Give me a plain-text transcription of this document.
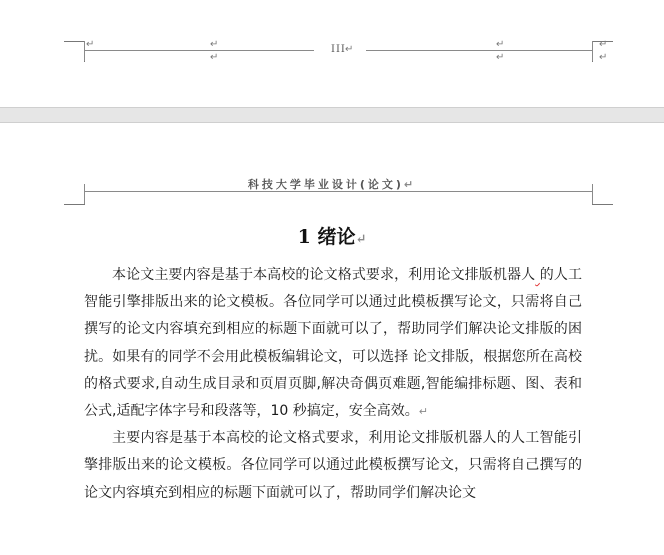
↵	↵
↵
↵
↵
↵
↵
III ↵
科技大学毕业设计(论文)↵
1 绪论↵

本论文主要内容是基于本高校的论文格式要求，利用论文排版机器人 的人工智能引擎排版出来的论文模板。各位同学可以通过此模板撰写论文，只需将自己撰写的论文内容填充到相应的标题下面就可以了，帮助同学们解决论文排版的困扰。如果有的同学不会用此模板编辑论文，可以选择 论文排版，根据您所在高校的格式要求,自动生成目录和页眉页脚,解决奇偶页难题,智能编排标题、图、表和公式,适配字体字号和段落等，10 秒搞定，安全高效。↵

主要内容是基于本高校的论文格式要求，利用论文排版机器人的人工智能引擎排版出来的论文模板。各位同学可以通过此模板撰写论文，只需将自己撰写的论文内容填充到相应的标题下面就可以了，帮助同学们解决论文
